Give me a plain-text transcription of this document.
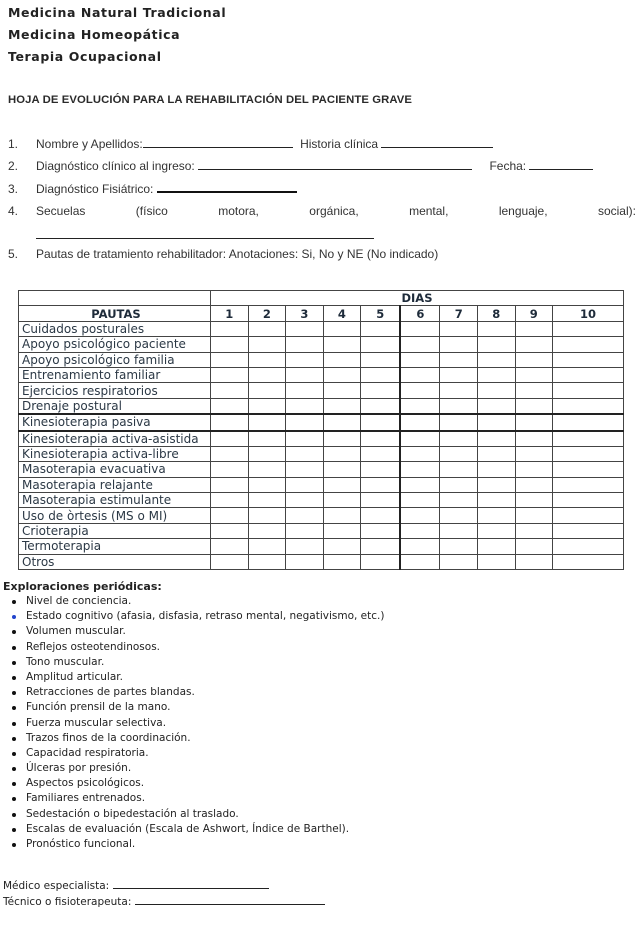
Medicina Natural Tradicional
Medicina Homeopática
Terapia Ocupacional
HOJA DE EVOLUCIÓN PARA LA REHABILITACIÓN DEL PACIENTE GRAVE
1. Nombre y Apellidos:	Historia clínica
2. Diagnóstico clínico al ingreso:	Fecha:
3. Diagnóstico Fisiátrico:
4.	Secuelas	(físico	motora,	orgánica,	mental,	lenguaje,	social):
5. Pautas de tratamiento rehabilitador: Anotaciones: Si, No y NE (No indicado)
	DIAS									
PAUTAS	1	2	3	4	5	6	7	8	9	10
Cuidados posturales										
Apoyo psicológico paciente										
Apoyo psicológico familia										
Entrenamiento familiar										
Ejercicios respiratorios										
Drenaje postural										
Kinesioterapia pasiva										
Kinesioterapia activa-asistida										
Kinesioterapia activa-libre										
Masoterapia evacuativa										
Masoterapia relajante										
Masoterapia estimulante										
Uso de òrtesis (MS o MI)										
Crioterapia										
Termoterapia										
Otros										
Exploraciones periódicas:
Nivel de conciencia.
Estado cognitivo (afasia, disfasia, retraso mental, negativismo, etc.)
Volumen muscular.
Reflejos osteotendinosos.
Tono muscular.
Amplitud articular.
Retracciones de partes blandas.
Función prensil de la mano.
Fuerza muscular selectiva.
Trazos finos de la coordinación.
Capacidad respiratoria.
Úlceras por presión.
Aspectos psicológicos.
Familiares entrenados.
Sedestación o bipedestación al traslado.
Escalas de evaluación (Escala de Ashwort, Índice de Barthel).
Pronóstico funcional.
Médico especialista:
Técnico o fisioterapeuta:
